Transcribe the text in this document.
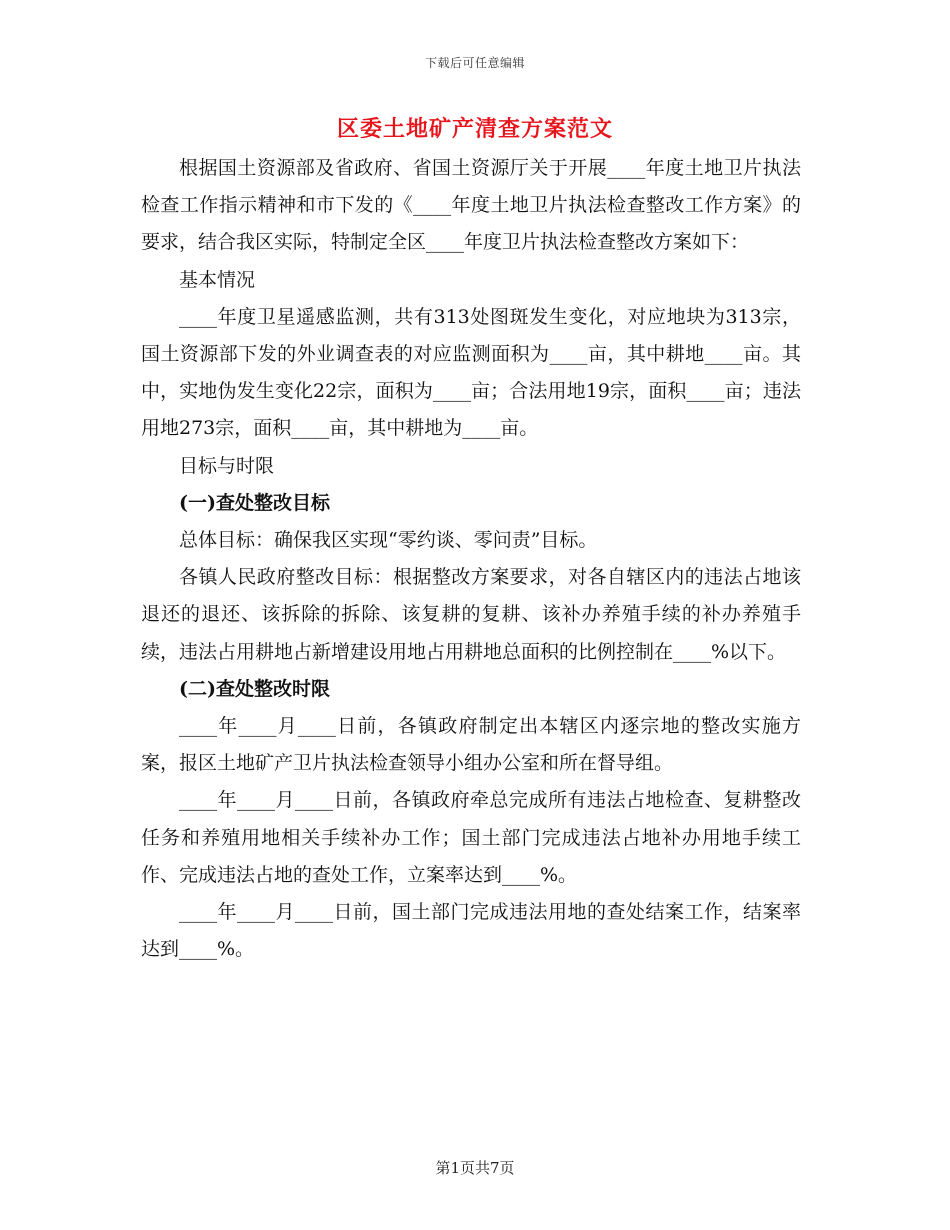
下载后可任意编辑
区委土地矿产清查方案范文

根据国土资源部及省政府、省国土资源厅关于开展____年度土地卫片执法检查工作指示精神和市下发的《____年度土地卫片执法检查整改工作方案》的要求，结合我区实际，特制定全区____年度卫片执法检查整改方案如下：

基本情况

____年度卫星遥感监测，共有313处图斑发生变化，对应地块为313宗，国土资源部下发的外业调查表的对应监测面积为____亩，其中耕地____亩。其中，实地伪发生变化22宗，面积为____亩；合法用地19宗，面积____亩；违法用地273宗，面积____亩，其中耕地为____亩。

目标与时限

(一)查处整改目标

总体目标：确保我区实现“零约谈、零问责”目标。

各镇人民政府整改目标：根据整改方案要求，对各自辖区内的违法占地该退还的退还、该拆除的拆除、该复耕的复耕、该补办养殖手续的补办养殖手续，违法占用耕地占新增建设用地占用耕地总面积的比例控制在____%以下。

(二)查处整改时限

____年____月____日前，各镇政府制定出本辖区内逐宗地的整改实施方案，报区土地矿产卫片执法检查领导小组办公室和所在督导组。

____年____月____日前，各镇政府牵总完成所有违法占地检查、复耕整改任务和养殖用地相关手续补办工作；国土部门完成违法占地补办用地手续工作、完成违法占地的查处工作，立案率达到____%。

____年____月____日前，国土部门完成违法用地的查处结案工作，结案率达到____%。

第1页共7页
